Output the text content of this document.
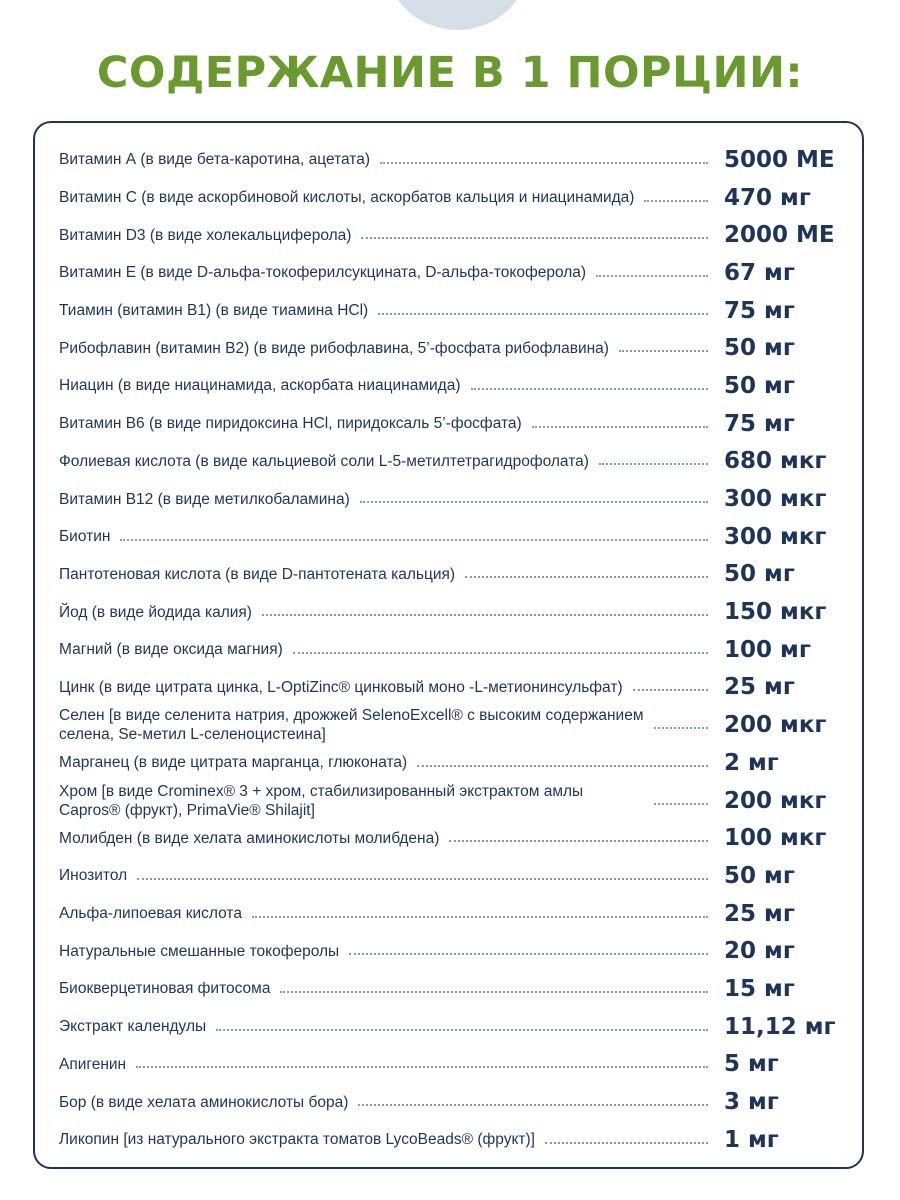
СОДЕРЖАНИЕ В 1 ПОРЦИИ:
Витамин А (в виде бета-каротина, ацетата)	5000 МЕ
Витамин С (в виде аскорбиновой кислоты, аскорбатов кальция и ниацинамида)	470 мг
Витамин D3 (в виде холекальциферола)	2000 МЕ
Витамин Е (в виде D-альфа-токоферилсукцината, D-альфа-токоферола)	67 мг
Тиамин (витамин В1) (в виде тиамина HCl)	75 мг
Рибофлавин (витамин В2) (в виде рибофлавина, 5’-фосфата рибофлавина)	50 мг
Ниацин (в виде ниацинамида, аскорбата ниацинамида)	50 мг
Витамин В6 (в виде пиридоксина HCl, пиридоксаль 5’-фосфата)	75 мг
Фолиевая кислота (в виде кальциевой соли L-5-метилтетрагидрофолата)	680 мкг
Витамин В12 (в виде метилкобаламина)	300 мкг
Биотин	300 мкг
Пантотеновая кислота (в виде D-пантотената кальция)	50 мг
Йод (в виде йодида калия)	150 мкг
Магний (в виде оксида магния)	100 мг
Цинк (в виде цитрата цинка, L-OptiZinc® цинковый моно -L-метионинсульфат)	25 мг
Селен [в виде селенита натрия, дрожжей SelenoExcell® с высоким содержанием селена, Se-метил L-селеноцистеина]	200 мкг
Марганец (в виде цитрата марганца, глюконата)	2 мг
Хром [в виде Crominex® 3 + хром, стабилизированный экстрактом амлы Capros® (фрукт), PrimaVie® Shilajit]	200 мкг
Молибден (в виде хелата аминокислоты молибдена)	100 мкг
Инозитол	50 мг
Альфа-липоевая кислота	25 мг
Натуральные смешанные токоферолы	20 мг
Биокверцетиновая фитосома	15 мг
Экстракт календулы	11,12 мг
Апигенин	5 мг
Бор (в виде хелата аминокислоты бора)	3 мг
Ликопин [из натурального экстракта томатов LycoBeads® (фрукт)]	1 мг
